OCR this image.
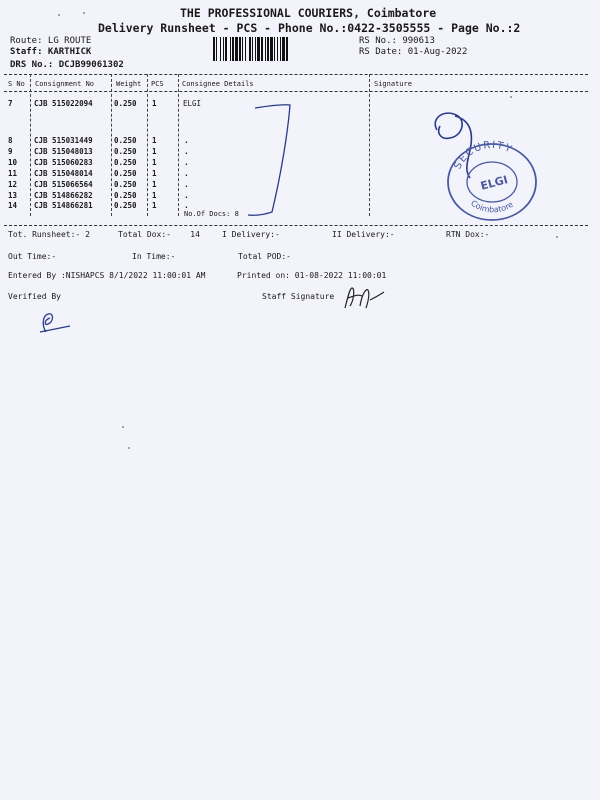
THE PROFESSIONAL COURIERS, Coimbatore
Delivery Runsheet - PCS - Phone No.:0422-3505555 - Page No.:2
Route: LG ROUTE
Staff: KARTHICK
DRS No.: DCJB99061302
RS No.: 990613
RS Date: 01-Aug-2022
S No Consignment No	Weight PCS	Consignee Details	Signature
7	CJB 515022094	0.250 1	ELGI
8	CJB 515031449	0.250 1	.
9	CJB 515048013	0.250 1	.
10 CJB 515060283	0.250 1	.
11 CJB 515048014	0.250 1	.
12 CJB 515066564	0.250 1	.
13 CJB 514866282	0.250 1	.
14 CJB 514866281	0.250 1	.
No.Of Docs: 8
SECURITY
ELGI
Coimbatore
Tot. Runsheet:- 2	Total Dox:-    14	I Delivery:-	II Delivery:-	RTN Dox:-
Out Time:-	In Time:-	Total POD:-
Entered By :NISHAPCS 8/1/2022 11:00:01 AM	Printed on: 01-08-2022 11:00:01
Verified By	Staff Signature
